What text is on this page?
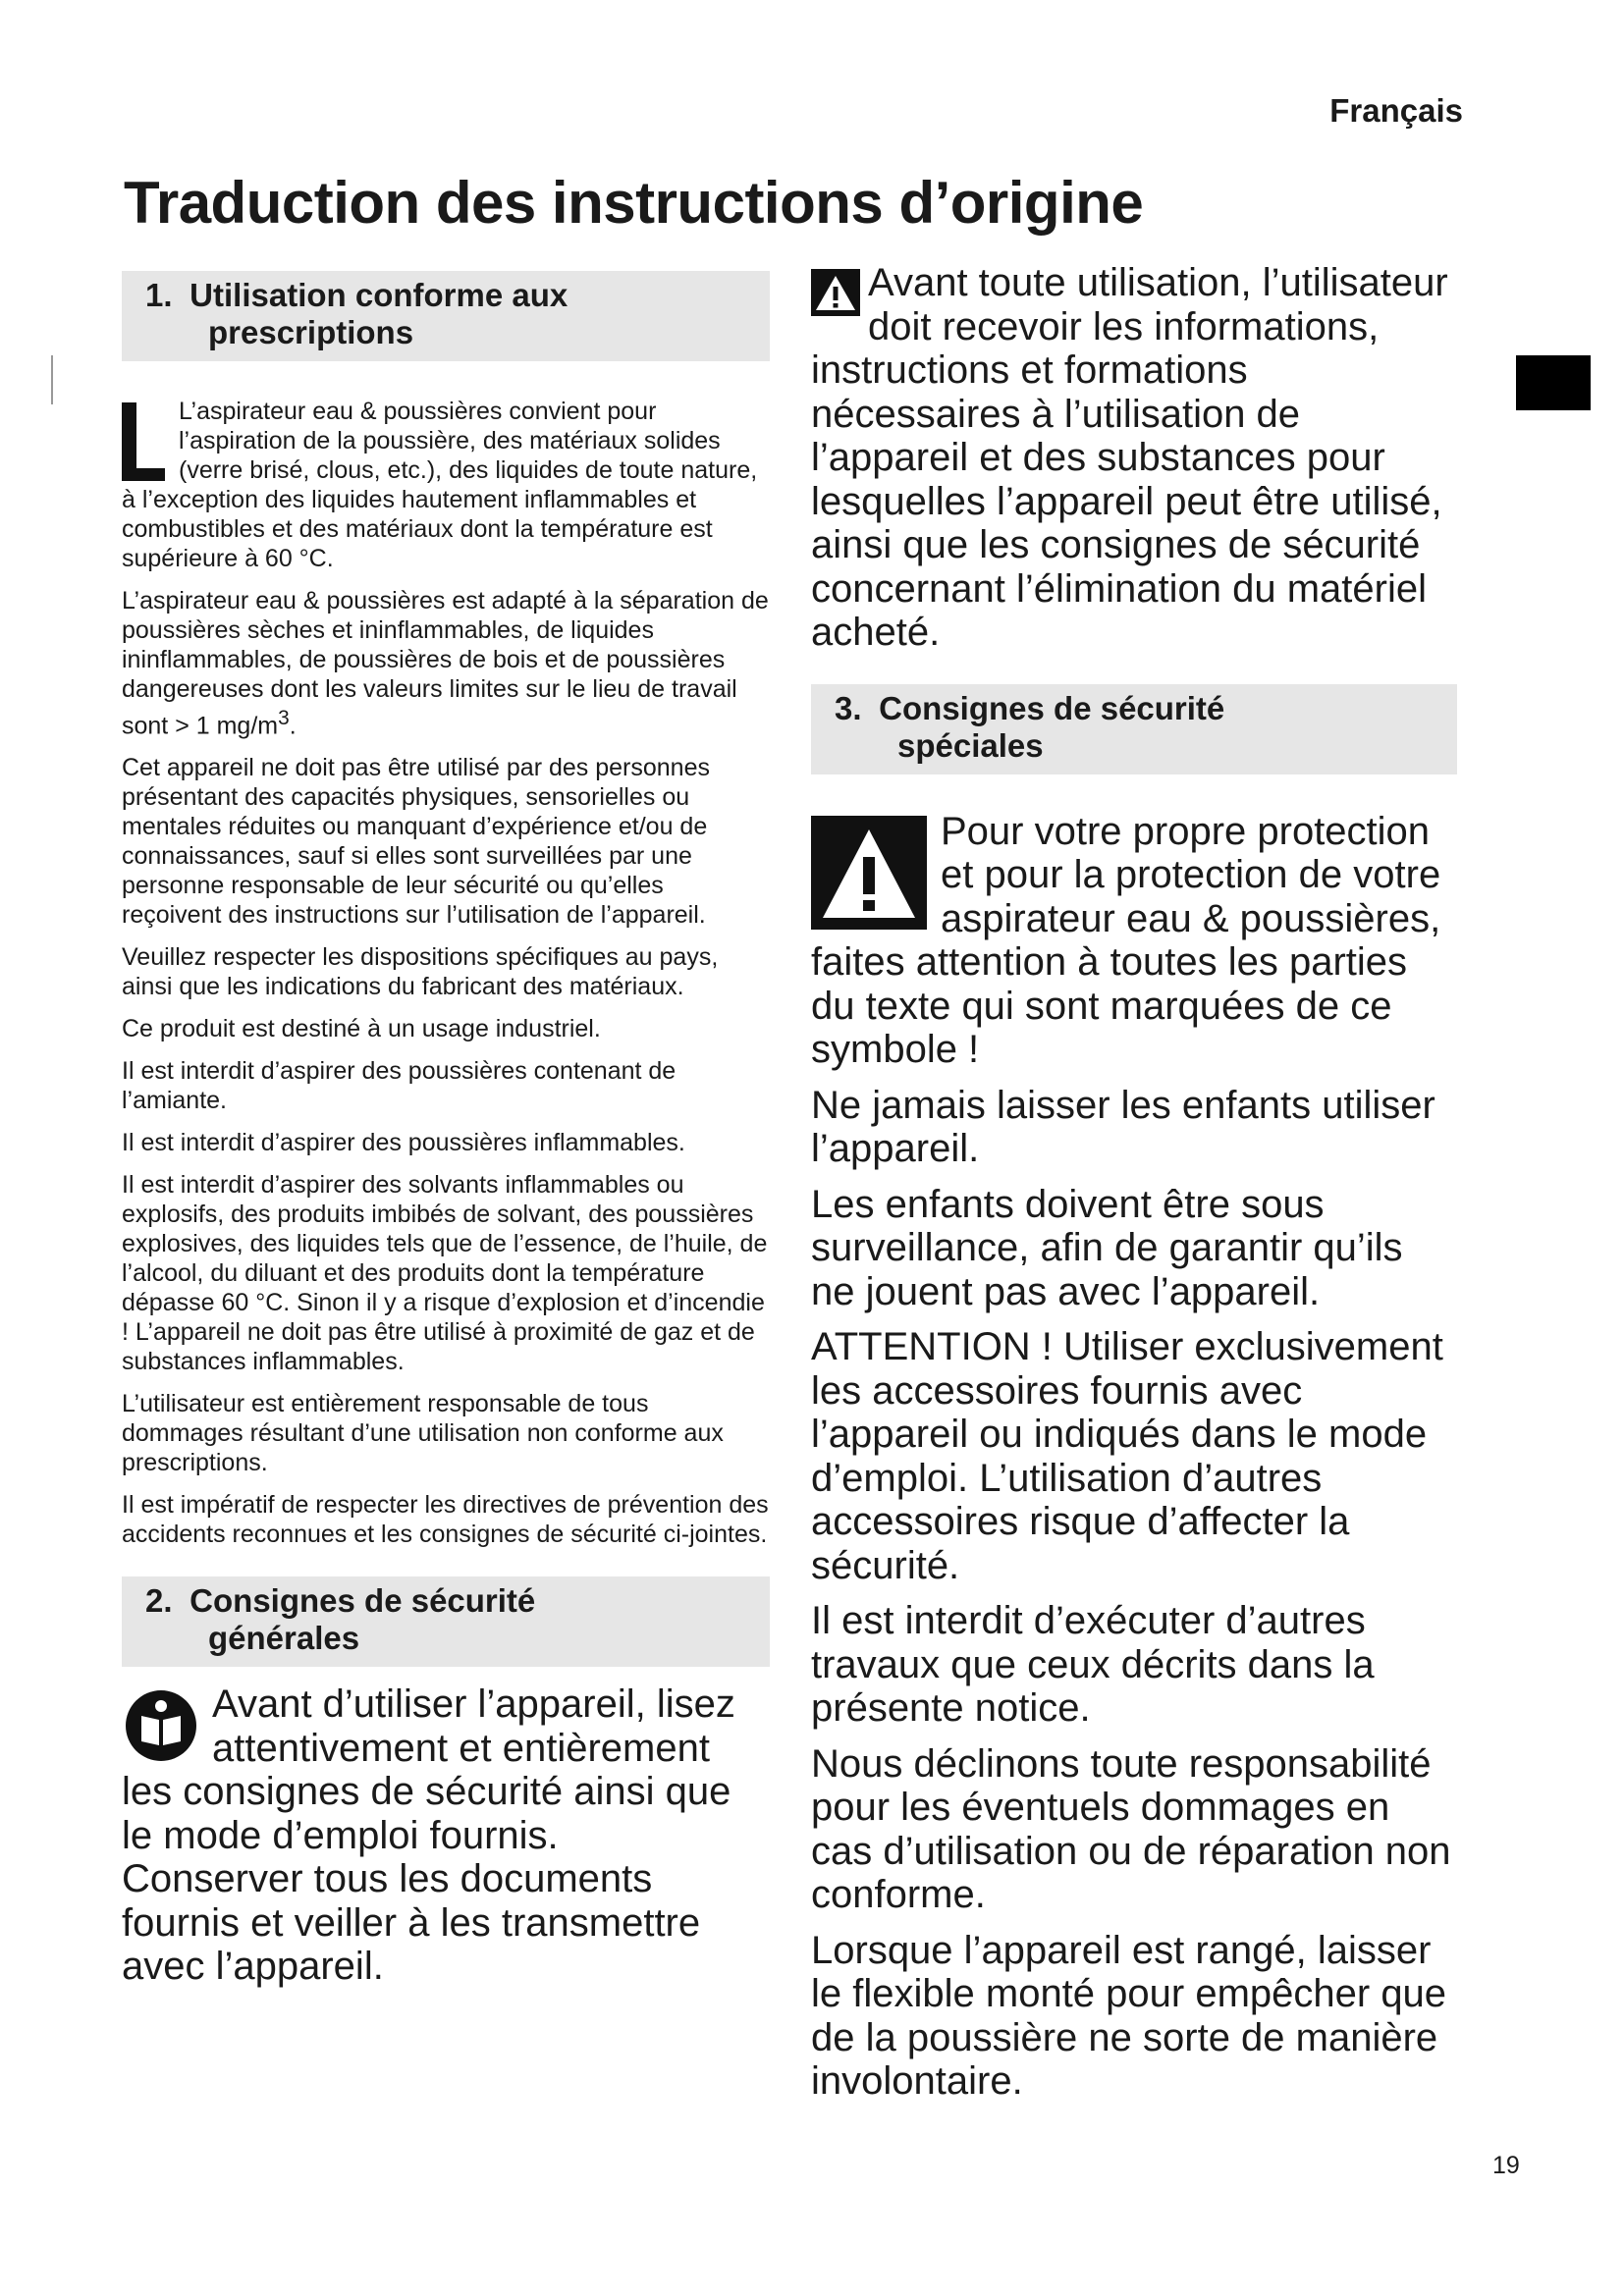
Français
Traduction des instructions d’origine
1. Utilisation conforme aux
prescriptions

L’aspirateur eau & poussières convient pour l’aspiration de la poussière, des matériaux solides (verre brisé, clous, etc.), des liquides de toute nature, à l’exception des liquides hautement inflammables et combustibles et des matériaux dont la température est supérieure à 60 °C.

L’aspirateur eau & poussières est adapté à la séparation de poussières sèches et ininflammables, de liquides ininflammables, de poussières de bois et de poussières dangereuses dont les valeurs limites sur le lieu de travail sont > 1 $mg/m^3$.

Cet appareil ne doit pas être utilisé par des personnes présentant des capacités physiques, sensorielles ou mentales réduites ou manquant d’expérience et/ou de connaissances, sauf si elles sont surveillées par une personne responsable de leur sécurité ou qu’elles reçoivent des instructions sur l’utilisation de l’appareil.

Veuillez respecter les dispositions spécifiques au pays, ainsi que les indications du fabricant des matériaux.

Ce produit est destiné à un usage industriel.

Il est interdit d’aspirer des poussières contenant de l’amiante.

Il est interdit d’aspirer des poussières inflammables.

Il est interdit d’aspirer des solvants inflammables ou explosifs, des produits imbibés de solvant, des poussières explosives, des liquides tels que de l’essence, de l’huile, de l’alcool, du diluant et des produits dont la température dépasse 60 °C. Sinon il y a risque d’explosion et d’incendie ! L’appareil ne doit pas être utilisé à proximité de gaz et de substances inflammables.

L’utilisateur est entièrement responsable de tous dommages résultant d’une utilisation non conforme aux prescriptions.

Il est impératif de respecter les directives de prévention des accidents reconnues et les consignes de sécurité ci-jointes.

2. Consignes de sécurité
générales

Avant d’utiliser l’appareil, lisez attentivement et entièrement les consignes de sécurité ainsi que le mode d’emploi fournis.

Conserver tous les documents fournis et veiller à les transmettre avec l’appareil.

Avant toute utilisation, l’utilisateur doit recevoir les informations, instructions et formations nécessaires à l’utilisation de l’appareil et des substances pour lesquelles l’appareil peut être utilisé, ainsi que les consignes de sécurité concernant l’élimination du matériel acheté.

3. Consignes de sécurité
spéciales

Pour votre propre protection et pour la protection de votre aspirateur eau & poussières, faites attention à toutes les parties du texte qui sont marquées de ce symbole !

Ne jamais laisser les enfants utiliser l’appareil.

Les enfants doivent être sous surveillance, afin de garantir qu’ils ne jouent pas avec l’appareil.

ATTENTION ! Utiliser exclusivement les accessoires fournis avec l’appareil ou indiqués dans le mode d’emploi. L’utilisation d’autres accessoires risque d’affecter la sécurité.

Il est interdit d’exécuter d’autres travaux que ceux décrits dans la présente notice.

Nous déclinons toute responsabilité pour les éventuels dommages en cas d’utilisation ou de réparation non conforme.

Lorsque l’appareil est rangé, laisser le flexible monté pour empêcher que de la poussière ne sorte de manière involontaire.

19
